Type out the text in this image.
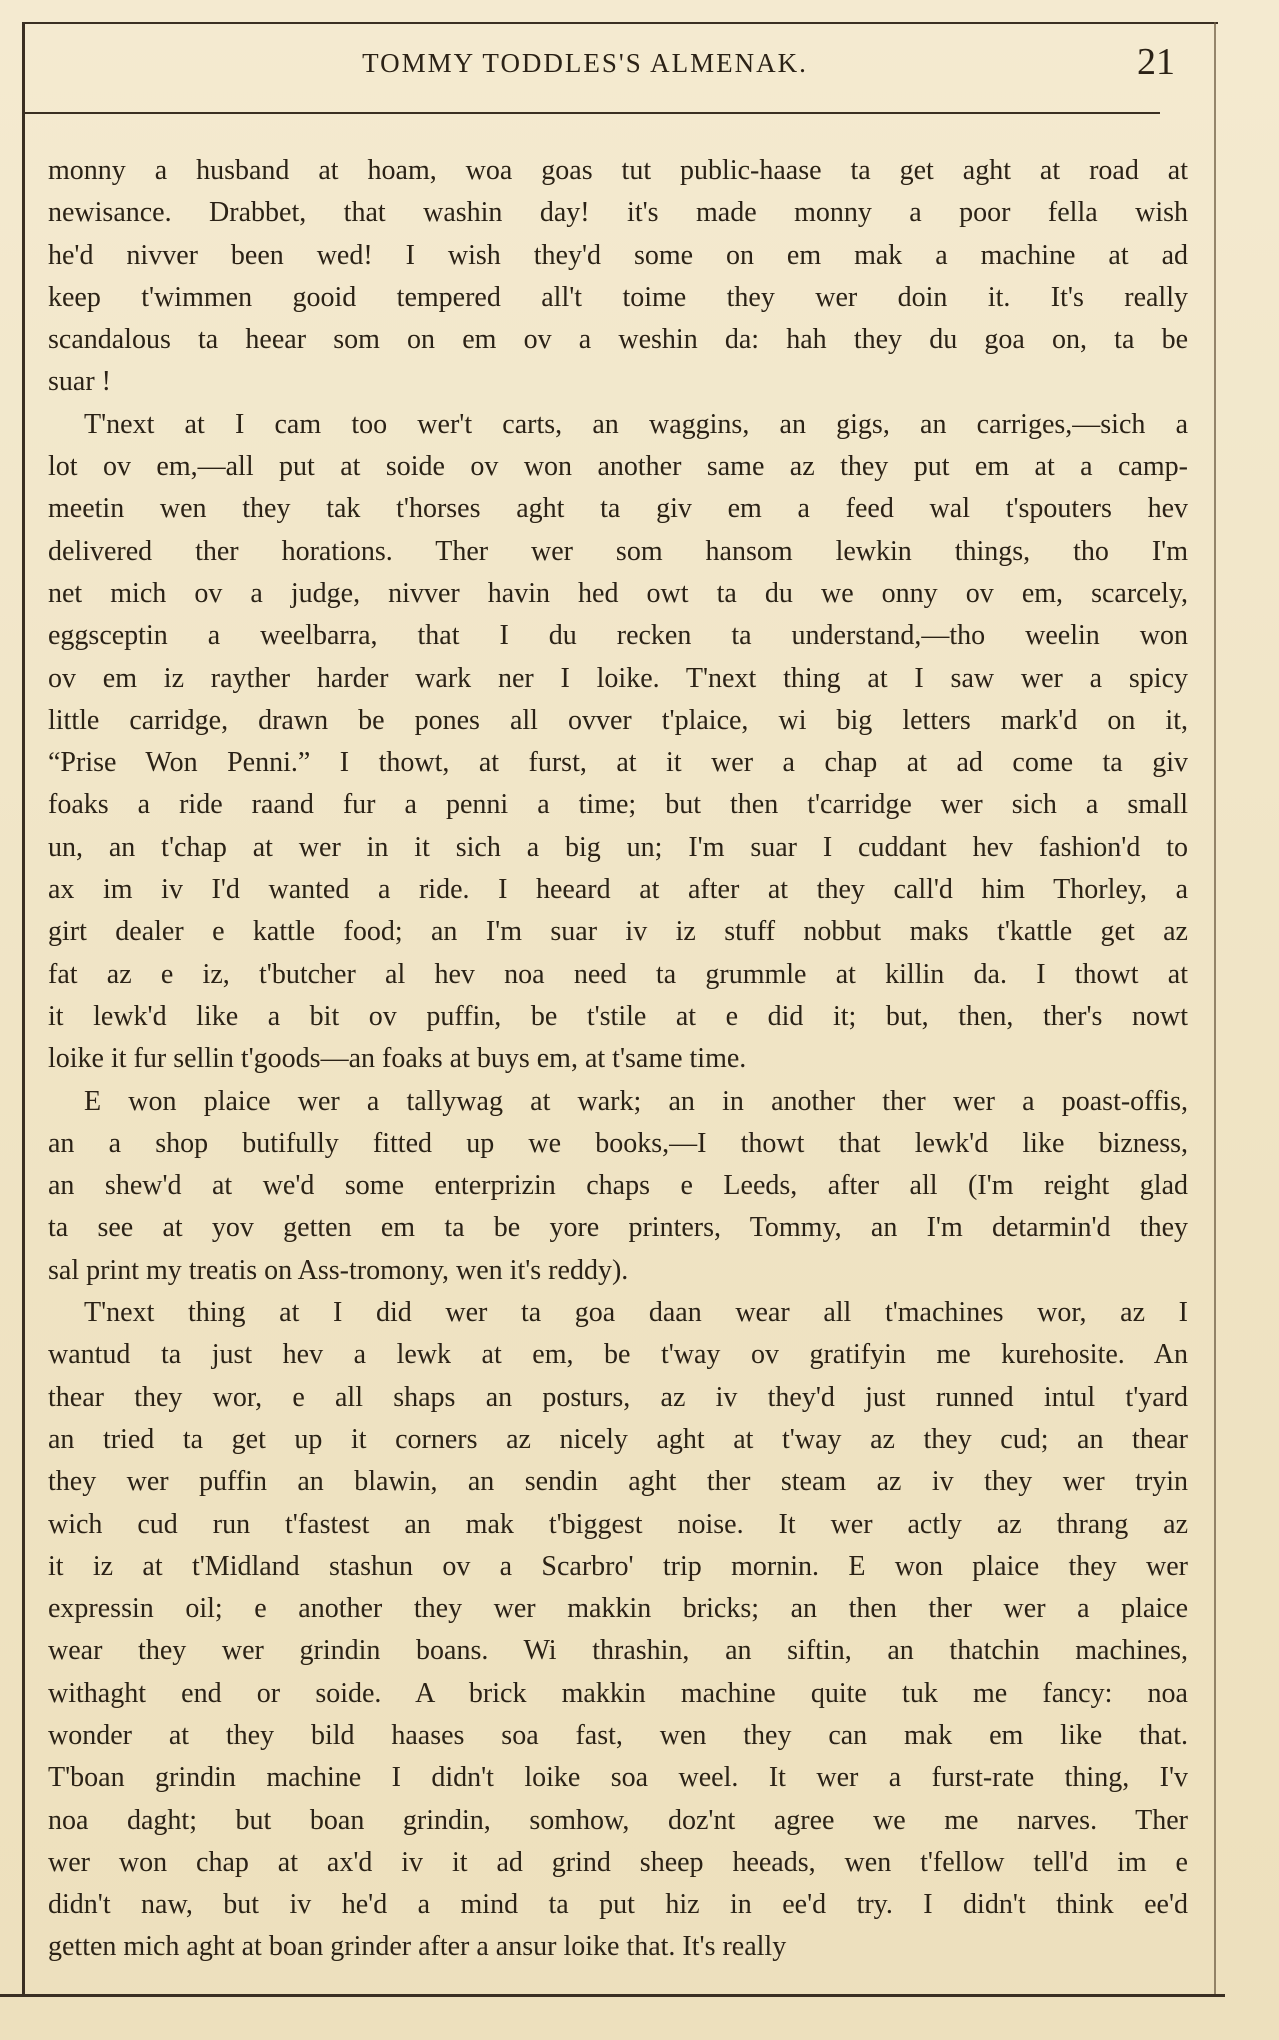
TOMMY TODDLES'S ALMENAK.	21

monny a husband at hoam, woa goas tut public-haase ta get aght at road at
newisance. Drabbet, that washin day! it's made monny a poor fella wish
he'd nivver been wed! I wish they'd some on em mak a machine at ad
keep t'wimmen gooid tempered all't toime they wer doin it. It's really
scandalous ta heear som on em ov a weshin da: hah they du goa on, ta be
suar !

T'next at I cam too wer't carts, an waggins, an gigs, an carriges,—sich a
lot ov em,—all put at soide ov won another same az they put em at a camp-
meetin wen they tak t'horses aght ta giv em a feed wal t'spouters hev
delivered ther horations. Ther wer som hansom lewkin things, tho I'm
net mich ov a judge, nivver havin hed owt ta du we onny ov em, scarcely,
eggsceptin a weelbarra, that I du recken ta understand,—tho weelin won
ov em iz rayther harder wark ner I loike. T'next thing at I saw wer a spicy
little carridge, drawn be pones all ovver t'plaice, wi big letters mark'd on it,
“Prise Won Penni.” I thowt, at furst, at it wer a chap at ad come ta giv
foaks a ride raand fur a penni a time; but then t'carridge wer sich a small
un, an t'chap at wer in it sich a big un; I'm suar I cuddant hev fashion'd to
ax im iv I'd wanted a ride. I heeard at after at they call'd him Thorley, a
girt dealer e kattle food; an I'm suar iv iz stuff nobbut maks t'kattle get az
fat az e iz, t'butcher al hev noa need ta grummle at killin da. I thowt at
it lewk'd like a bit ov puffin, be t'stile at e did it; but, then, ther's nowt
loike it fur sellin t'goods—an foaks at buys em, at t'same time.

E won plaice wer a tallywag at wark; an in another ther wer a poast-offis,
an a shop butifully fitted up we books,—I thowt that lewk'd like bizness,
an shew'd at we'd some enterprizin chaps e Leeds, after all (I'm reight glad
ta see at yov getten em ta be yore printers, Tommy, an I'm detarmin'd they
sal print my treatis on Ass-tromony, wen it's reddy).

T'next thing at I did wer ta goa daan wear all t'machines wor, az I
wantud ta just hev a lewk at em, be t'way ov gratifyin me kurehosite. An
thear they wor, e all shaps an posturs, az iv they'd just runned intul t'yard
an tried ta get up it corners az nicely aght at t'way az they cud; an thear
they wer puffin an blawin, an sendin aght ther steam az iv they wer tryin
wich cud run t'fastest an mak t'biggest noise. It wer actly az thrang az
it iz at t'Midland stashun ov a Scarbro' trip mornin. E won plaice they wer
expressin oil; e another they wer makkin bricks; an then ther wer a plaice
wear they wer grindin boans. Wi thrashin, an siftin, an thatchin machines,
withaght end or soide. A brick makkin machine quite tuk me fancy: noa
wonder at they bild haases soa fast, wen they can mak em like that.
T'boan grindin machine I didn't loike soa weel. It wer a furst-rate thing, I'v
noa daght; but boan grindin, somhow, doz'nt agree we me narves. Ther
wer won chap at ax'd iv it ad grind sheep heeads, wen t'fellow tell'd im e
didn't naw, but iv he'd a mind ta put hiz in ee'd try. I didn't think ee'd
getten mich aght at boan grinder after a ansur loike that. It's really
